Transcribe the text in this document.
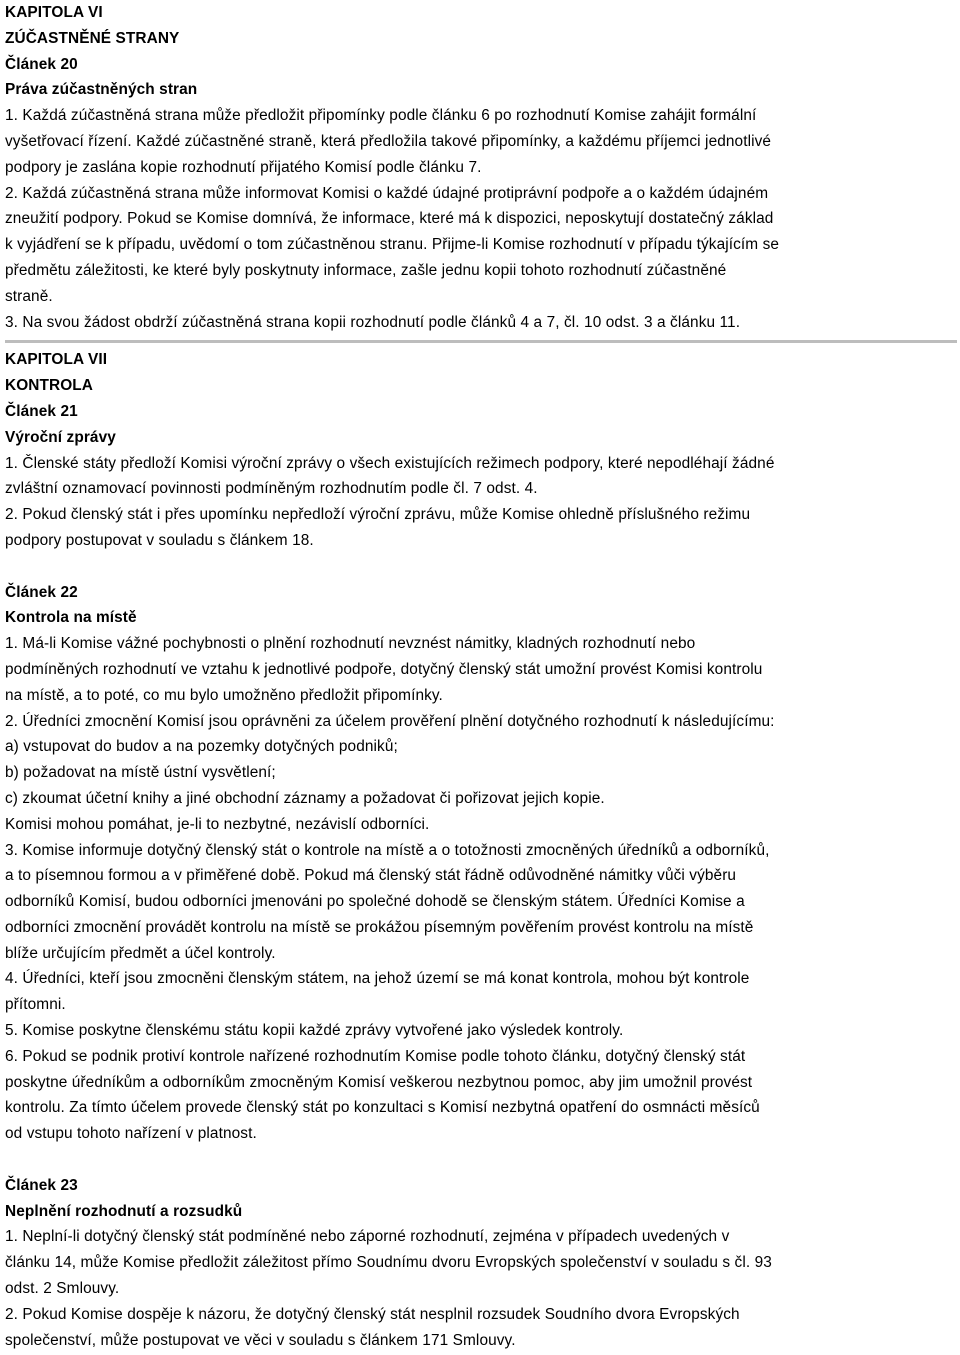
KAPITOLA VI
ZÚČASTNĚNÉ STRANY
Článek 20
Práva zúčastněných stran
1. Každá zúčastněná strana může předložit připomínky podle článku 6 po rozhodnutí Komise zahájit formální
vyšetřovací řízení. Každé zúčastněné straně, která předložila takové připomínky, a každému příjemci jednotlivé
podpory je zaslána kopie rozhodnutí přijatého Komisí podle článku 7.
2. Každá zúčastněná strana může informovat Komisi o každé údajné protiprávní podpoře a o každém údajném
zneužití podpory. Pokud se Komise domnívá, že informace, které má k dispozici, neposkytují dostatečný základ
k vyjádření se k případu, uvědomí o tom zúčastněnou stranu. Přijme-li Komise rozhodnutí v případu týkajícím se
předmětu záležitosti, ke které byly poskytnuty informace, zašle jednu kopii tohoto rozhodnutí zúčastněné
straně.
3. Na svou žádost obdrží zúčastněná strana kopii rozhodnutí podle článků 4 a 7, čl. 10 odst. 3 a článku 11.
KAPITOLA VII
KONTROLA
Článek 21
Výroční zprávy
1. Členské státy předloží Komisi výroční zprávy o všech existujících režimech podpory, které nepodléhají žádné
zvláštní oznamovací povinnosti podmíněným rozhodnutím podle čl. 7 odst. 4.
2. Pokud členský stát i přes upomínku nepředloží výroční zprávu, může Komise ohledně příslušného režimu
podpory postupovat v souladu s článkem 18.
Článek 22
Kontrola na místě
1. Má-li Komise vážné pochybnosti o plnění rozhodnutí nevznést námitky, kladných rozhodnutí nebo
podmíněných rozhodnutí ve vztahu k jednotlivé podpoře, dotyčný členský stát umožní provést Komisi kontrolu
na místě, a to poté, co mu bylo umožněno předložit připomínky.
2. Úředníci zmocnění Komisí jsou oprávněni za účelem prověření plnění dotyčného rozhodnutí k následujícímu:
a) vstupovat do budov a na pozemky dotyčných podniků;
b) požadovat na místě ústní vysvětlení;
c) zkoumat účetní knihy a jiné obchodní záznamy a požadovat či pořizovat jejich kopie.
Komisi mohou pomáhat, je-li to nezbytné, nezávislí odborníci.
3. Komise informuje dotyčný členský stát o kontrole na místě a o totožnosti zmocněných úředníků a odborníků,
a to písemnou formou a v přiměřené době. Pokud má členský stát řádně odůvodněné námitky vůči výběru
odborníků Komisí, budou odborníci jmenováni po společné dohodě se členským státem. Úředníci Komise a
odborníci zmocnění provádět kontrolu na místě se prokážou písemným pověřením provést kontrolu na místě
blíže určujícím předmět a účel kontroly.
4. Úředníci, kteří jsou zmocněni členským státem, na jehož území se má konat kontrola, mohou být kontrole
přítomni.
5. Komise poskytne členskému státu kopii každé zprávy vytvořené jako výsledek kontroly.
6. Pokud se podnik protiví kontrole nařízené rozhodnutím Komise podle tohoto článku, dotyčný členský stát
poskytne úředníkům a odborníkům zmocněným Komisí veškerou nezbytnou pomoc, aby jim umožnil provést
kontrolu. Za tímto účelem provede členský stát po konzultaci s Komisí nezbytná opatření do osmnácti měsíců
od vstupu tohoto nařízení v platnost.
Článek 23
Neplnění rozhodnutí a rozsudků
1. Neplní-li dotyčný členský stát podmíněné nebo záporné rozhodnutí, zejména v případech uvedených v
článku 14, může Komise předložit záležitost přímo Soudnímu dvoru Evropských společenství v souladu s čl. 93
odst. 2 Smlouvy.
2. Pokud Komise dospěje k názoru, že dotyčný členský stát nesplnil rozsudek Soudního dvora Evropských
společenství, může postupovat ve věci v souladu s článkem 171 Smlouvy.
